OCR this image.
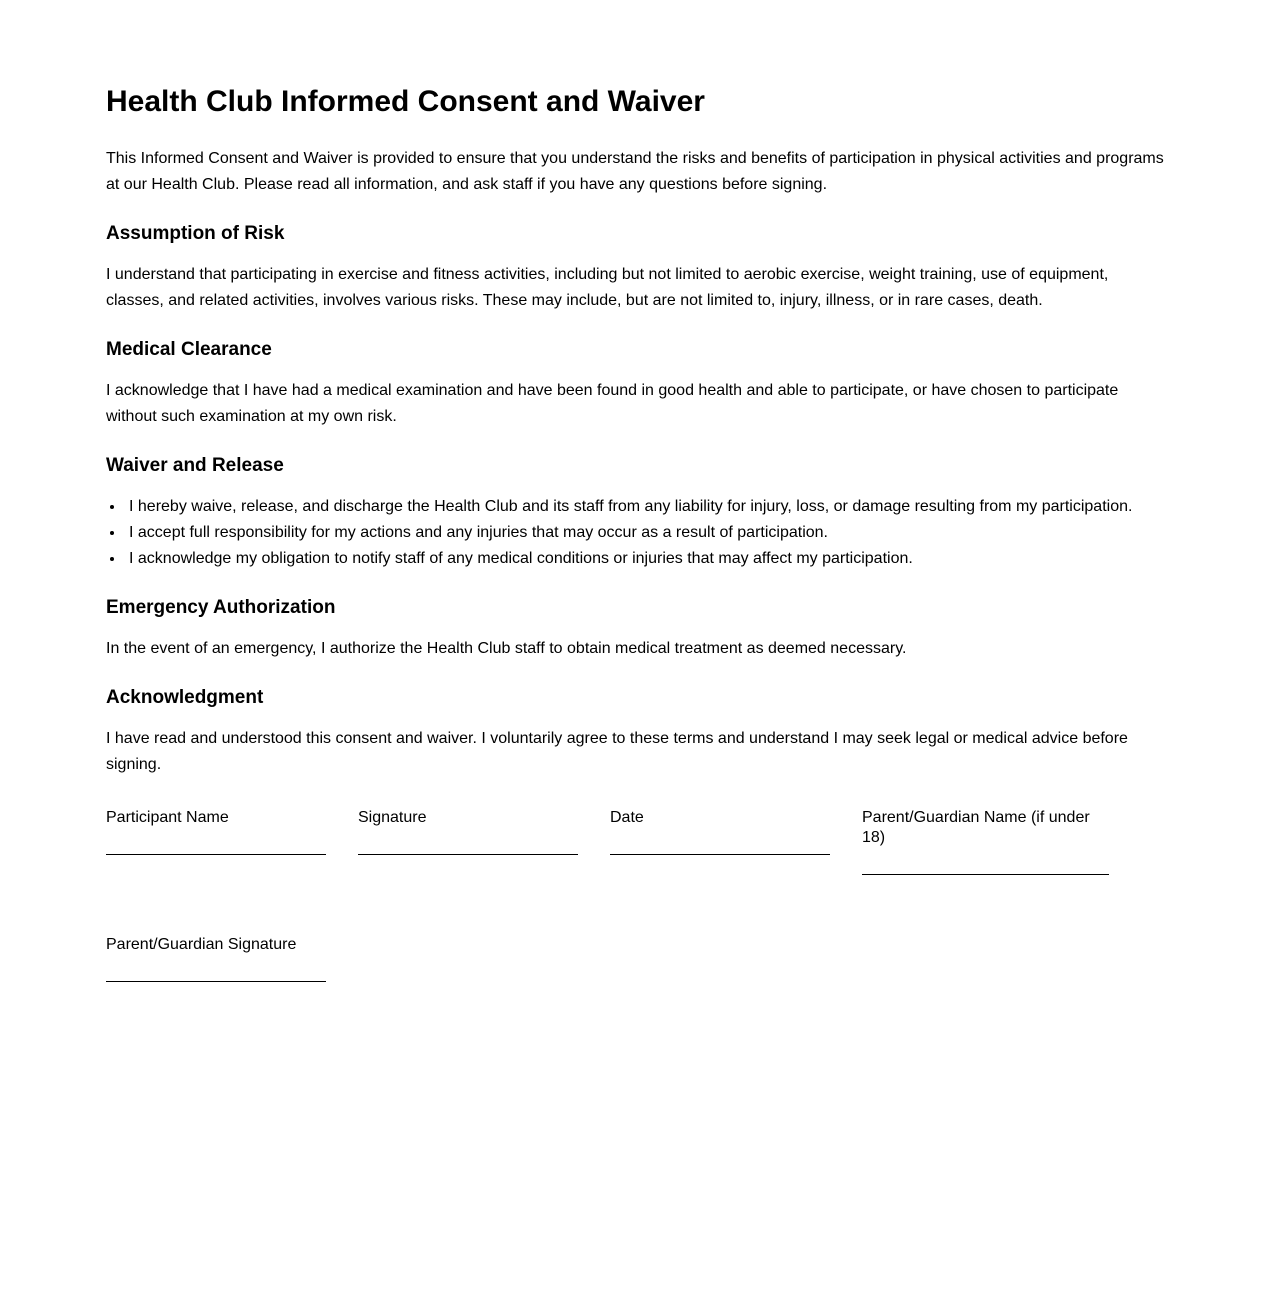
Health Club Informed Consent and Waiver

This Informed Consent and Waiver is provided to ensure that you understand the risks and benefits of participation in physical activities and programs at our Health Club. Please read all information, and ask staff if you have any questions before signing.

Assumption of Risk

I understand that participating in exercise and fitness activities, including but not limited to aerobic exercise, weight training, use of equipment, classes, and related activities, involves various risks. These may include, but are not limited to, injury, illness, or in rare cases, death.

Medical Clearance

I acknowledge that I have had a medical examination and have been found in good health and able to participate, or have chosen to participate without such examination at my own risk.

Waiver and Release
• I hereby waive, release, and discharge the Health Club and its staff from any liability for injury, loss, or damage resulting from my participation.
• I accept full responsibility for my actions and any injuries that may occur as a result of participation.
• I acknowledge my obligation to notify staff of any medical conditions or injuries that may affect my participation.
Emergency Authorization

In the event of an emergency, I authorize the Health Club staff to obtain medical treatment as deemed necessary.

Acknowledgment

I have read and understood this consent and waiver. I voluntarily agree to these terms and understand I may seek legal or medical advice before signing.

Participant Name	Signature	Date	Parent/Guardian Name (if under 18)
Parent/Guardian Signature
